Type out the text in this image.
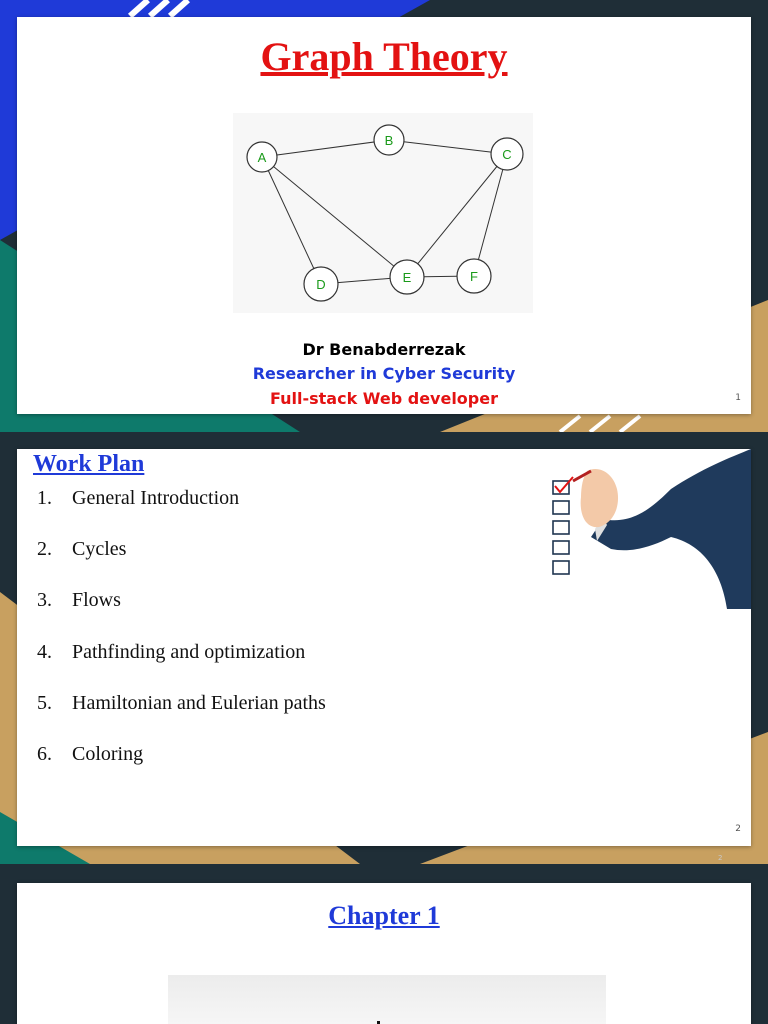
Graph Theory
A
B
C
D	E	F
Dr Benabderrezak
Researcher in Cyber Security
Full-stack Web developer	1
Work Plan
1.	General Introduction
2.	Cycles
3.	Flows
4.	Pathfinding and optimization
5.	Hamiltonian and Eulerian paths
6.	Coloring
2
2
Chapter 1
